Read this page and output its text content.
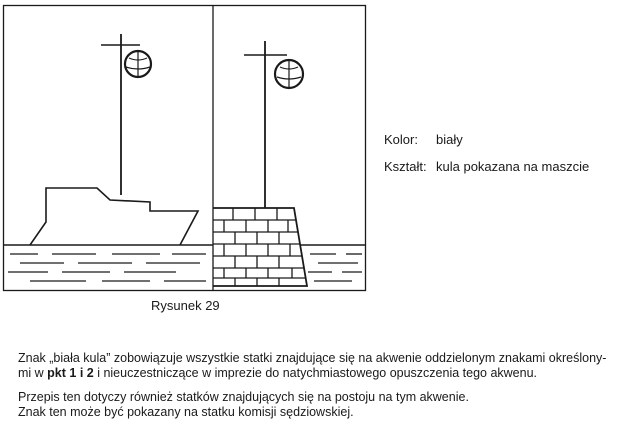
Kolor:	biały
Kształt: kula pokazana na maszcie
Rysunek 29

Znak „biała kula” zobowiązuje wszystkie statki znajdujące się na akwenie oddzielonym znakami określony-

mi w pkt 1 i 2 i nieuczestniczące w imprezie do natychmiastowego opuszczenia tego akwenu.

Przepis ten dotyczy również statków znajdujących się na postoju na tym akwenie.

Znak ten może być pokazany na statku komisji sędziowskiej.
